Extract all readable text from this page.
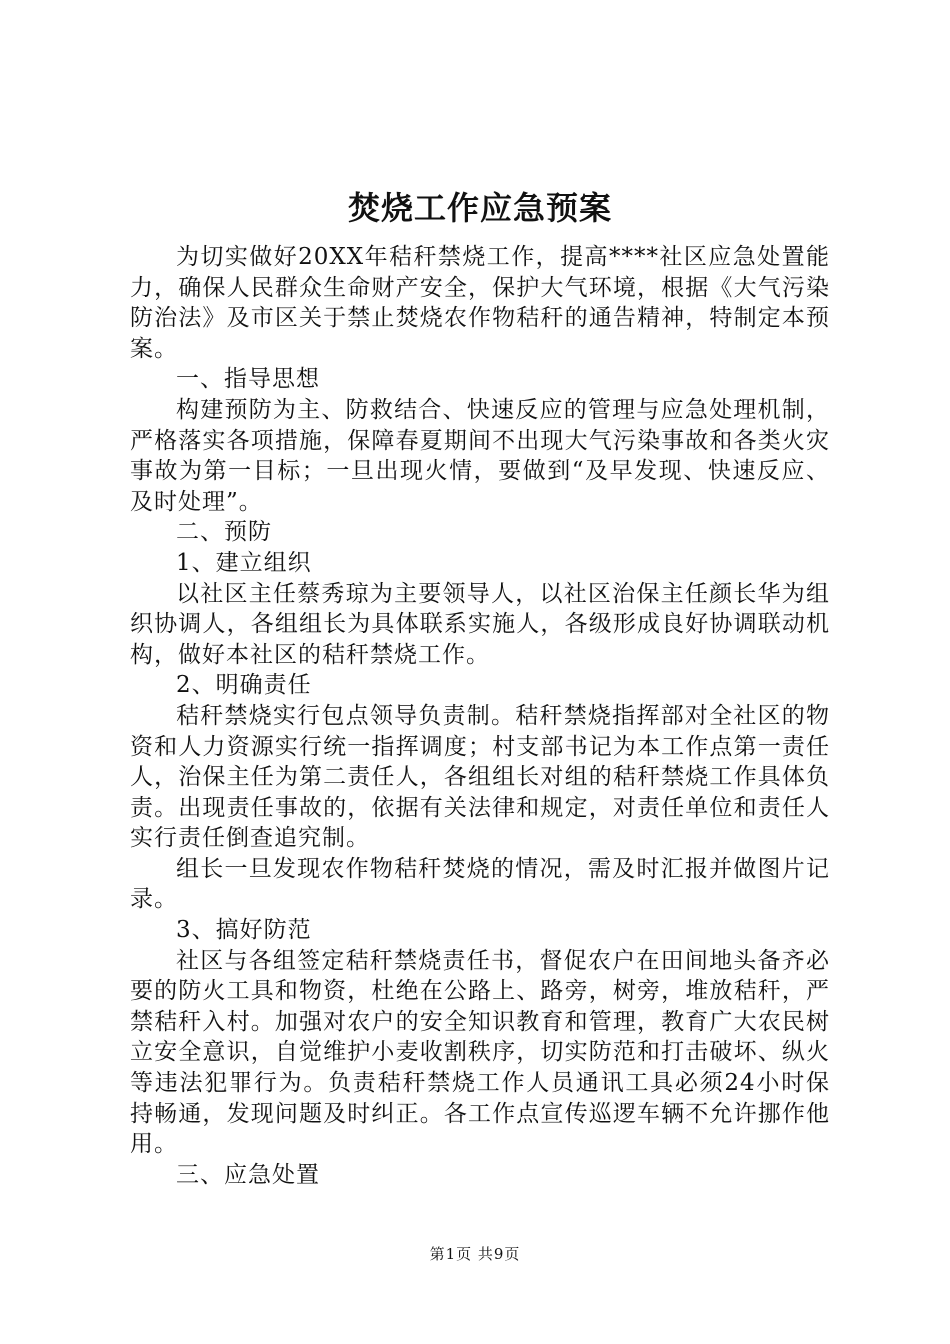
焚烧工作应急预案

为切实做好20XX年秸秆禁烧工作，提高****社区应急处置能力，确保人民群众生命财产安全，保护大气环境，根据《大气污染防治法》及市区关于禁止焚烧农作物秸秆的通告精神，特制定本预案。

一、指导思想

构建预防为主、防救结合、快速反应的管理与应急处理机制，严格落实各项措施，保障春夏期间不出现大气污染事故和各类火灾事故为第一目标；一旦出现火情，要做到“及早发现、快速反应、及时处理”。

二、预防

1、建立组织

以社区主任蔡秀琼为主要领导人，以社区治保主任颜长华为组织协调人，各组组长为具体联系实施人，各级形成良好协调联动机构，做好本社区的秸秆禁烧工作。

2、明确责任

秸秆禁烧实行包点领导负责制。秸秆禁烧指挥部对全社区的物资和人力资源实行统一指挥调度；村支部书记为本工作点第一责任人，治保主任为第二责任人，各组组长对组的秸秆禁烧工作具体负责。出现责任事故的，依据有关法律和规定，对责任单位和责任人实行责任倒查追究制。

组长一旦发现农作物秸秆焚烧的情况，需及时汇报并做图片记录。

3、搞好防范

社区与各组签定秸秆禁烧责任书，督促农户在田间地头备齐必要的防火工具和物资，杜绝在公路上、路旁，树旁，堆放秸秆，严禁秸秆入村。加强对农户的安全知识教育和管理，教育广大农民树立安全意识，自觉维护小麦收割秩序，切实防范和打击破坏、纵火等违法犯罪行为。负责秸秆禁烧工作人员通讯工具必须24小时保持畅通，发现问题及时纠正。各工作点宣传巡逻车辆不允许挪作他用。

三、应急处置

第1页 共9页
